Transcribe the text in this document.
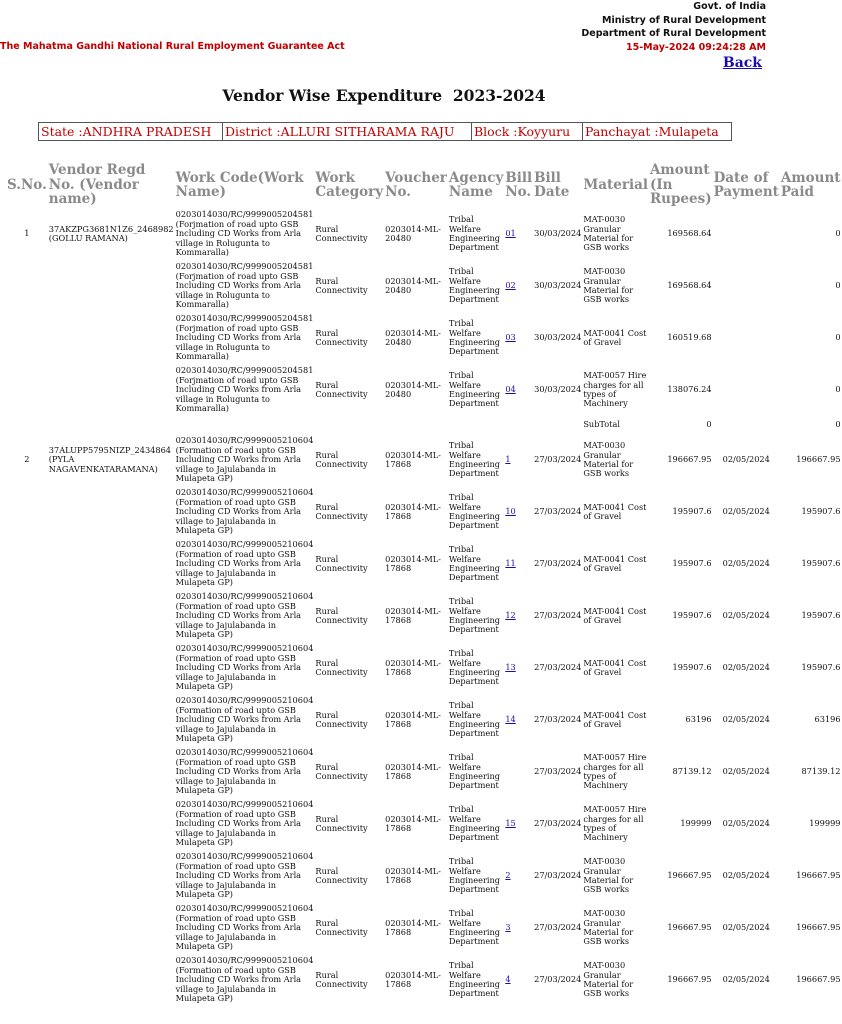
Govt. of India
Ministry of Rural Development
Department of Rural Development
15-May-2024 09:24:28 AM
Back
The Mahatma Gandhi National Rural Employment Guarantee Act
Vendor Wise Expenditure  2023-2024
State :ANDHRA PRADESH	District :ALLURI SITHARAMA RAJU	Block :Koyyuru	Panchayat :Mulapeta
S.No.	Vendor Regd No. (Vendor name)	Work Code(Work Name)	Work Category	Voucher No.	Agency Name	Bill No.	Bill Date	Material	Amount (In Rupees)	Date of Payment	Amount Paid
1	37AKZPG3681N1Z6_2468982 (GOLLU RAMANA)	0203014030/RC/9999005204581 (Forjmation of road upto GSB Including CD Works from Arla village in Rolugunta to Kommaralla)	Rural Connectivity	0203014-ML-20480	Tribal Welfare Engineering Department	01	30/03/2024	MAT-0030 Granular Material for GSB works	169568.64		0
		0203014030/RC/9999005204581 (Forjmation of road upto GSB Including CD Works from Arla village in Rolugunta to Kommaralla)	Rural Connectivity	0203014-ML-20480	Tribal Welfare Engineering Department	02	30/03/2024	MAT-0030 Granular Material for GSB works	169568.64		0
		0203014030/RC/9999005204581 (Forjmation of road upto GSB Including CD Works from Arla village in Rolugunta to Kommaralla)	Rural Connectivity	0203014-ML-20480	Tribal Welfare Engineering Department	03	30/03/2024	MAT-0041 Cost of Gravel	160519.68		0
		0203014030/RC/9999005204581 (Forjmation of road upto GSB Including CD Works from Arla village in Rolugunta to Kommaralla)	Rural Connectivity	0203014-ML-20480	Tribal Welfare Engineering Department	04	30/03/2024	MAT-0057 Hire charges for all types of Machinery	138076.24		0
								SubTotal	0		0
2	37ALUPP5795NIZP_2434864 (PYLA NAGAVENKATARAMANA)	0203014030/RC/9999005210604 (Formation of road upto GSB Including CD Works from Arla village to Jajulabanda in Mulapeta GP)	Rural Connectivity	0203014-ML-17868	Tribal Welfare Engineering Department	1	27/03/2024	MAT-0030 Granular Material for GSB works	196667.95	02/05/2024	196667.95
		0203014030/RC/9999005210604 (Formation of road upto GSB Including CD Works from Arla village to Jajulabanda in Mulapeta GP)	Rural Connectivity	0203014-ML-17868	Tribal Welfare Engineering Department	10	27/03/2024	MAT-0041 Cost of Gravel	195907.6	02/05/2024	195907.6
		0203014030/RC/9999005210604 (Formation of road upto GSB Including CD Works from Arla village to Jajulabanda in Mulapeta GP)	Rural Connectivity	0203014-ML-17868	Tribal Welfare Engineering Department	11	27/03/2024	MAT-0041 Cost of Gravel	195907.6	02/05/2024	195907.6
		0203014030/RC/9999005210604 (Formation of road upto GSB Including CD Works from Arla village to Jajulabanda in Mulapeta GP)	Rural Connectivity	0203014-ML-17868	Tribal Welfare Engineering Department	12	27/03/2024	MAT-0041 Cost of Gravel	195907.6	02/05/2024	195907.6
		0203014030/RC/9999005210604 (Formation of road upto GSB Including CD Works from Arla village to Jajulabanda in Mulapeta GP)	Rural Connectivity	0203014-ML-17868	Tribal Welfare Engineering Department	13	27/03/2024	MAT-0041 Cost of Gravel	195907.6	02/05/2024	195907.6
		0203014030/RC/9999005210604 (Formation of road upto GSB Including CD Works from Arla village to Jajulabanda in Mulapeta GP)	Rural Connectivity	0203014-ML-17868	Tribal Welfare Engineering Department	14	27/03/2024	MAT-0041 Cost of Gravel	63196	02/05/2024	63196
		0203014030/RC/9999005210604 (Formation of road upto GSB Including CD Works from Arla village to Jajulabanda in Mulapeta GP)	Rural Connectivity	0203014-ML-17868	Tribal Welfare Engineering Department		27/03/2024	MAT-0057 Hire charges for all types of Machinery	87139.12	02/05/2024	87139.12
		0203014030/RC/9999005210604 (Formation of road upto GSB Including CD Works from Arla village to Jajulabanda in Mulapeta GP)	Rural Connectivity	0203014-ML-17868	Tribal Welfare Engineering Department	15	27/03/2024	MAT-0057 Hire charges for all types of Machinery	199999	02/05/2024	199999
		0203014030/RC/9999005210604 (Formation of road upto GSB Including CD Works from Arla village to Jajulabanda in Mulapeta GP)	Rural Connectivity	0203014-ML-17868	Tribal Welfare Engineering Department	2	27/03/2024	MAT-0030 Granular Material for GSB works	196667.95	02/05/2024	196667.95
		0203014030/RC/9999005210604 (Formation of road upto GSB Including CD Works from Arla village to Jajulabanda in Mulapeta GP)	Rural Connectivity	0203014-ML-17868	Tribal Welfare Engineering Department	3	27/03/2024	MAT-0030 Granular Material for GSB works	196667.95	02/05/2024	196667.95
		0203014030/RC/9999005210604 (Formation of road upto GSB Including CD Works from Arla village to Jajulabanda in Mulapeta GP)	Rural Connectivity	0203014-ML-17868	Tribal Welfare Engineering Department	4	27/03/2024	MAT-0030 Granular Material for GSB works	196667.95	02/05/2024	196667.95
